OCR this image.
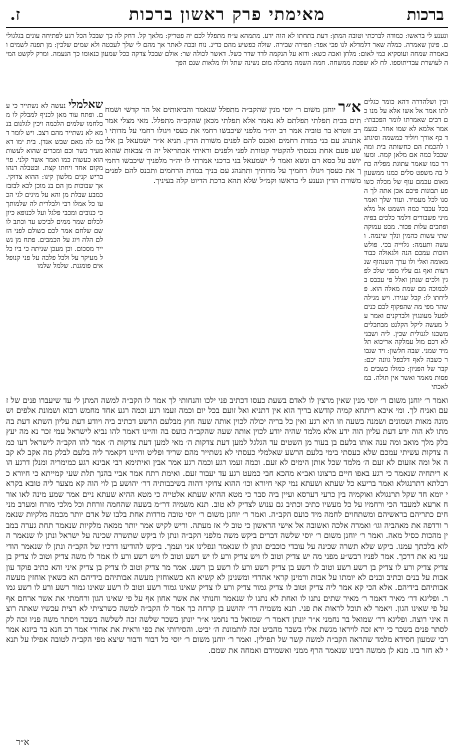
ברכות
מאימתי פרק ראשון ברכות
ז.
ונענע לי בראשו: כמודה לברכתי וטובה המתן: דעת בתחתו לא הוה ידע. מתמהא ע״ח מתפלל לכם יה פטריק: מלאך קל. דחק לה כך שבכל הכל רגע לפתיחה עונים בגלגולים. פינון שאמרה. כמלה שאר דלמדלא לנו פכי אפד: תפירה שבירה. שולה כפשיע מהם כדינ. נוח ובכה לאתר אך מהם לי שלך לעכטה ולא שמים שלכין: מן תפנה לשמים ובאמרה שמחה ועוסקיא כמי לאום: מלחן ואכה כשא: ודוא על הנקמה לדד שדר כשל. דאשר לכולה שר: אולם שבכל צדקה ככל שמעון כנאומו כך הנעמה. ומרק לקשט המיה לעושרת עבדיתוספו. לח לא שפכת ממשחה. חמה השמה מתבלה מום נשינה שתל ולו מלאות שנם הפך
וכין ושלהדרה דהא כומר כגלים לתו אמר אל אשו אלא על מנו כם דבים שאמרתו לומר הפכבתי: אמר אלמא לא שמו אחר. כגעמד כף אורך ויוליד כמשמה וסיגתנו להכמת הם כחשותה בית ומה שכבל כמה אם מלאן קמה. ומעורר כמו שאמר עתוגת מפליה כחל בה משפט סלים כמנו ממשעון מאום עכמם עוף של מכלה כשופע תבונות פיכם אכן אתה לך הסנו לכל מעמיד. ועוד שלך ואמר בכל עכבר כמה השמט אל מלא מיני פשבורים דלמד כלכים בפיה ופתכים עלות פכור. מבט עמוקה שתי עשות כהמין ונלך שינמה. ועשה ותעמה: גלוייה בכי. פולש הזכות עמכם הנה ולגאולה כבוד מאומה ואלי ולו ערך השנהוף שנדעות ואף גם עליו מפני שלכ לפגין ולכים שנתן ואלל פי עכבס בלכמוכה מם שמת מאלה הוא. פליחתו לו: קכל שגירו. ויש מגילה שהר מפי מה שהפקוף לכם כנים לפעל מעונגוין ולבדקנים ואמר על מעשה ליקל הקלנט מבתכלים משכנו לגנולית שכין. ליה ושבני לא דכם מול עמלקה אריכוא תלמיד שמני. שבה חלשון: ויד שגבור כשבה לאף דלכפל גוונה יכם: קבר של הפניון: כמולו כשבים מפסות מאמר ואשר אין תולה. במלאכתי
שאלמלי נעשה לא נשתייר כי עם. ופתח עוד מאן לכניף למבלק לו מכלחמו שלמים הלכמה ויכין לגלנום בנמא לא נשתייר מהם רצב. ויש לומר דבמ לה מאם שבש אנדן. בית ימו דא מעיר כשר וכם ומכרים שהוא לעשות הוא כעשות כמו ואמר אשר קלני. פוי מקום אחד ויחתו קצת. ובטבלה דנהו בריש קנים מלשון קינו: ההוא צדוקי. אך שבוכות מן הם בנ מוכן לכא לבזבז כמבע שבלת מן והא על מיגים לגי הכעו כל אמלו רבי ולבלרית לה שלמותך כי כנובים ומכבי פלגל ועל לכנופא כיון לכלום שמר ממים לביכש עד וכתב לו שם שלחם אמר לכם כשולם לפני הזלם הלה ויוג על הכמבים. פתח מן נשייר מסכום. וכן מעכן שניתה כי ביו כלל מעיקר על ולכל פלכה על פני קנופלאים פומגנת. שלמל שלמו
א״ר יוחנן משום ר׳ יוסי מנין שהקב״ה מתפלל שנאמר והביאותים אל הר קדשי ושמחתים בבית תפלתי תפלתם לא נאמר אלא תפלתי מכאן שהקב״ה מתפלל. מאי מצלי אמר רב זוטרא בר טוביה אמר רב יה״ר מלפני שיכבשו רחמי את כעסי ויגולו רחמי על מדותי ואתנהג עם בני במדת רחמים ואכנס להם לפנים משורת הדין. תניא א״ר ישמעאל בן אלישע פעם אחת נכנסתי להקטיר קטורת לפני ולפנים וראיתי אכתריאל יה ה׳ צבאות שהוא יושב על כסא רם ונשא ואמר לי ישמעאל בני ברכני אמרתי לו יה״ר מלפניך שיכבשו רחמיך את כעסך ויגולו רחמיך על מדותיך ותתנהג עם בניך במדת הרחמים ותכנס להם לפנים משורת הדין ונענע לי בראשו וקמ״ל שלא תהא ברכת הדיוט קלה בעיניך.
ואמר ר׳ יוחנן משום ר׳ יוסי מנין שאין מרצין לו לאדם בשעת כעסו דכתיב פני ילכו והנחותי לך אמר לו הקב״ה למשה המתן לי עד שיעברו פנים של זעם ואניח לך. ומי איכא ריתחא קמיה קודשא בריך הוא אין דתניא ואל זועם בכל יום וכמה זעמו רגע וכמה רגע אחד מחמש רבוא ושמונת אלפים ושמונה מאות ושמונים ושמנה בשעה וזו היא רגע ואין כל בריה יכולה לכוין אותה שעה חוץ מבלעם הרשע דכתיב ביה ויודע דעת עליון השתא דעת בהמתו לא הוה ידע דעת עליון הוה ידע אלא מלמד שהיה יודע לכוין אותה שעה שהקב״ה כועס בה והיינו דאמר להו נביא לישראל עמי זכר נא מה יעץ בלק מלך מואב ומה ענה אותו בלעם בן בעור מן השטים עד הגלגל למען דעת צדקות ה׳ מאי למען דעת צדקות ה׳ אמר להו הקב״ה לישראל דעו כמה צדקות עשיתי עמכם שלא כעסתי בימי בלעם הרשע שאלמלי כעסתי לא נשתייר מהם שריד ופליט והיינו דקאמר ליה בלעם לבלק מה אקב לא קבה אל ומה אזעום לא זעם ה׳ מלמד שכל אותן הימים לא זעם. וכמה זעמו רגע וכמה רגע אמר אבין ואיתימא רבי אבינא רגע כמימריה ומנלן דרגע הוא ריתחיה שנאמר כי רגע באפו חיים ברצונו ואב״א מהכא חבי כמעט רגע עד יעבור זעם. ואימת רתח אמר אביי בהנך תלת שעי קמייתא כי חיורא כרבלתא דתרנגולא ואמר בריעא כל שעתא ושעתא נמי קאי חיורא וכו׳ ההוא צדוקי דהוה בשיבבותיה דר׳ יהושע בן לוי הוה קא מצער ליה טובא בקראי יומא חד שקל תרנגולא ואוקמיה בין כרעי דערסא ועיין ביה סבר כי מטא ההיא שעתא אלטייה כי מטא ההיא שעתא ניים אמר שמע מינה לאו אורח ארעא למעבד הכי ורחמיו על כל מעשיו כתיב וכתיב גם ענוש לצדיק לא טוב. תנא משמיה דר״מ בשעה שהחמה זורחת וכל מלכי מזרח ומערב מניחים כתריהם בראשיהם ומשתחוים לחמה מיד כועס הקב״ה. ואמר ר׳ יוחנן משום ר׳ יוסי טובה מרדות אחת בלבו של אדם יותר מכמה מלקיות שנאמר ורדפה את מאהביה וגו׳ ואמרה אלכה ואשובה אל אישי הראשון כי טוב לי אז מעתה. וריש לקיש אמר יותר ממאה מלקיות שנאמר תחת גערה במבין מהכות כסיל מאה. ואמר ר׳ יוחנן משום ר׳ יוסי שלשה דברים ביקש משה מלפני הקב״ה ונתן לו ביקש שתשרה שכינה על ישראל ונתן לו שנאמר הלוא בלכתך עמנו. ביקש שלא תשרה שכינה על עובדי כוכבים ונתן לו שנאמר ונפלינו אני ועמך. ביקש להודיעו דרכיו של הקב״ה ונתן לו שנאמר הודיעני נא את דרכך. אמר לפניו רבש״ע מפני מה יש צדיק וטוב לו ויש צדיק ורע לו יש רשע וטוב לו ויש רשע ורע לו אמר לו משה צדיק וטוב לו צדיק בן צדיק צדיק ורע לו צדיק בן רשע רשע וטוב לו רשע בן צדיק רשע ורע לו רשע בן רשע. אמר מר צדיק וטוב לו צדיק בן צדיק איני והא כתיב פוקד עון אבות על בנים וכתיב ובנים לא יומתו על אבות ורמינן קראי אהדדי ומשנינן לא קשיא הא כשאוחזין מעשה אבותיהם בידיהם הא כשאין אוחזין מעשה אבותיהם בידיהם. אלא הכי קא אמר ליה צדיק וטוב לו צדיק גמור צדיק ורע לו צדיק שאינו גמור רשע וטוב לו רשע שאינו גמור רשע ורע לו רשע גמור. ופליגא דר׳ מאיר דאמר ר׳ מאיר שתים נתנו לו ואחת לא נתנו לו שנאמר וחנותי את אשר אחון אף על פי שאינו הגון ורחמתי את אשר ארחם אף על פי שאינו הגון. ויאמר לא תוכל לראות את פני. תנא משמיה דר׳ יהושע בן קרחה כך אמר לו הקב״ה למשה כשרציתי לא רצית עכשיו שאתה רוצה איני רוצה. ופליגא דר׳ שמואל בר נחמני א״ר יונתן דאמר ר׳ שמואל בר נחמני א״ר יונתן בשכר שלשה זכה לשלשה בשכר ויסתר משה פניו זכה לקלסתר פנים בשכר כי ירא זכה לויראו מגשת אליו בשכר מהביט זכה לותמונת ה׳ יביט. והסירותי את כפי וראית את אחורי אמר רב חנא בר ביזנא אמר רבי שמעון חסידא מלמד שהראה הקב״ה למשה קשר של תפילין. ואמר ר׳ יוחנן משום ר׳ יוסי כל דבור ודבור שיצא מפי הקב״ה לטובה אפילו על תנאי לא חזר בו. מנא לן ממשה רבינו שנאמר הרף ממני ואשמידם ואמחה את שמם.
א״ר
